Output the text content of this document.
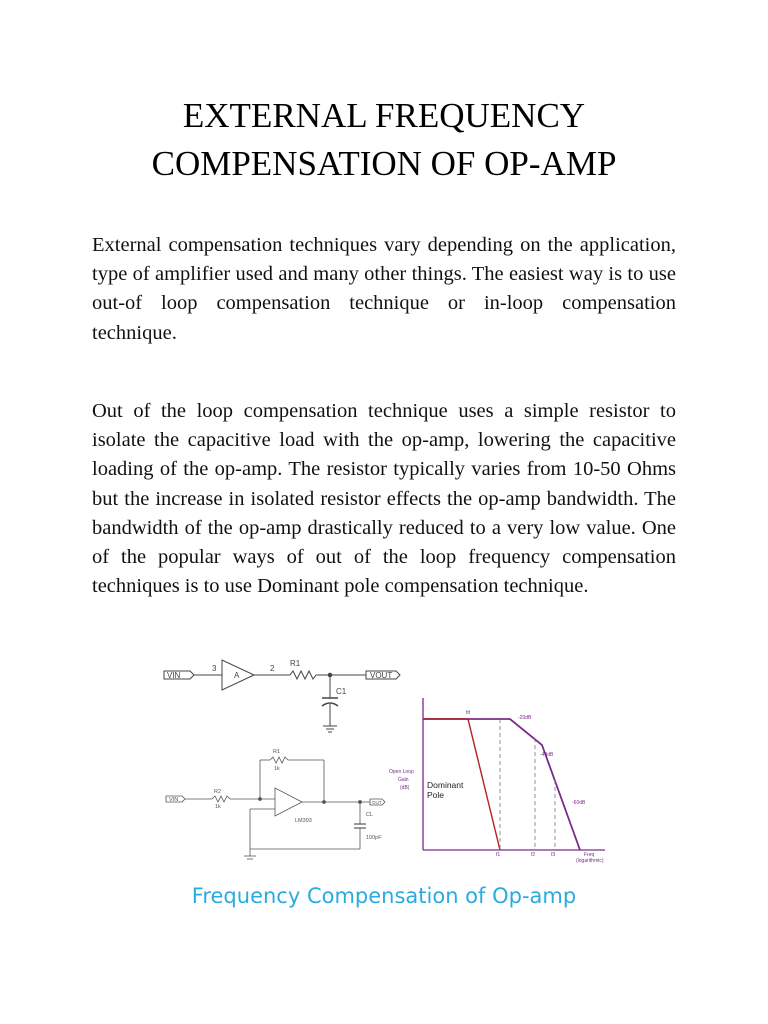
EXTERNAL FREQUENCY
COMPENSATION OF OP-AMP

External compensation techniques vary depending on the application, type of amplifier used and many other things. The easiest way is to use out-of loop compensation technique or in-loop compensation technique.

Out of the loop compensation technique uses a simple resistor to isolate the capacitive load with the op-amp, lowering the capacitive loading of the op-amp. The resistor typically varies from 10-50 Ohms but the increase in isolated resistor effects the op-amp bandwidth. The bandwidth of the op-amp drastically reduced to a very low value. One of the popular ways of out of the loop frequency compensation techniques is to use Dominant pole compensation technique.

VIN
3
A
2
R1
C1
VOUT
VIN
R2
1k
R1
1k
LM393
CL
100pF
OUT
fd
-20dB
-40dB
-60dB
Open Loop
Gain
(dB)
f1	f2	f3	Freq
(logarithmic)
Dominant
Pole
Frequency Compensation of Op-amp
